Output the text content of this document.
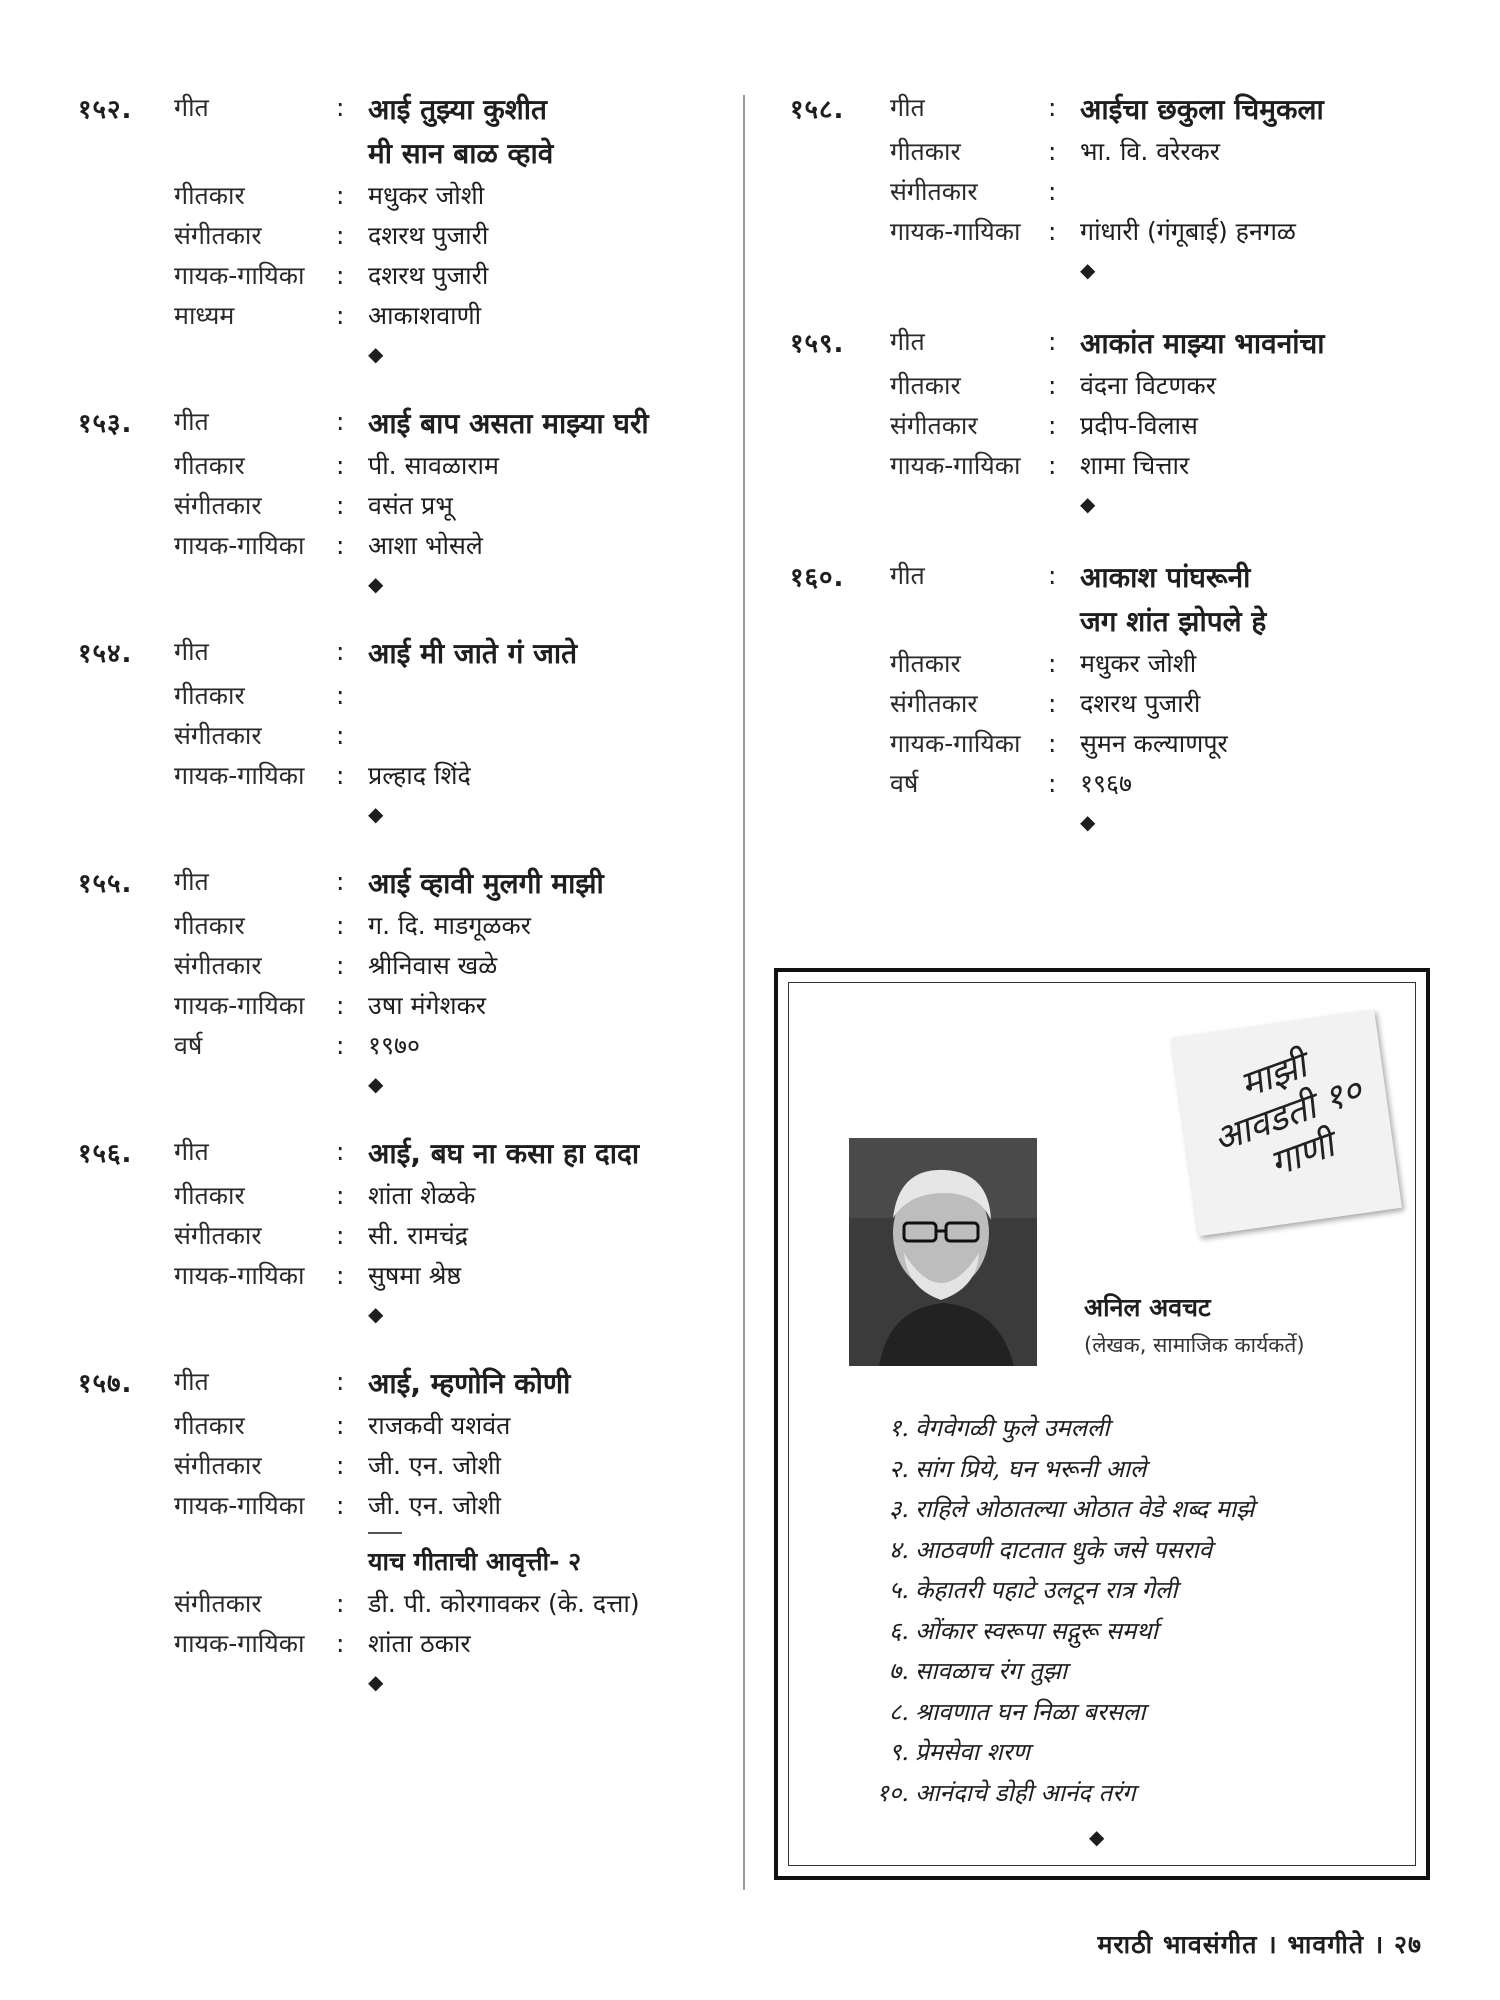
१५२. गीत	: आई तुझ्या कुशीत
मी सान बाळ व्हावे
गीतकार	: मधुकर जोशी
संगीतकार	: दशरथ पुजारी
गायक-गायिका : दशरथ पुजारी
माध्यम	: आकाशवाणी
◆
१५३. गीत	: आई बाप असता माझ्या घरी
गीतकार	: पी. सावळाराम
संगीतकार	: वसंत प्रभू
गायक-गायिका : आशा भोसले
◆
१५४. गीत	: आई मी जाते गं जाते
गीतकार	:
संगीतकार	:
गायक-गायिका : प्रल्हाद शिंदे
◆
१५५. गीत	: आई व्हावी मुलगी माझी
गीतकार	: ग. दि. माडगूळकर
संगीतकार	: श्रीनिवास खळे
गायक-गायिका : उषा मंगेशकर
वर्ष	: १९७०
◆
१५६. गीत	: आई, बघ ना कसा हा दादा
गीतकार	: शांता शेळके
संगीतकार	: सी. रामचंद्र
गायक-गायिका : सुषमा श्रेष्ठ
◆
१५७. गीत	: आई, म्हणोनि कोणी
गीतकार	: राजकवी यशवंत
संगीतकार	: जी. एन. जोशी
गायक-गायिका : जी. एन. जोशी
याच गीताची आवृत्ती- २
संगीतकार	: डी. पी. कोरगावकर (के. दत्ता)
गायक-गायिका : शांता ठकार
◆
१५८. गीत	: आईचा छकुला चिमुकला
गीतकार	: भा. वि. वरेरकर
संगीतकार	:
गायक-गायिका : गांधारी (गंगूबाई) हनगळ
◆
१५९. गीत	: आकांत माझ्या भावनांचा
गीतकार	: वंदना विटणकर
संगीतकार	: प्रदीप-विलास
गायक-गायिका : शामा चित्तार
◆
१६०. गीत	: आकाश पांघरूनी
जग शांत झोपले हे
गीतकार	: मधुकर जोशी
संगीतकार	: दशरथ पुजारी
गायक-गायिका : सुमन कल्याणपूर
वर्ष	: १९६७
◆
माझी आवडती १० गाणी
अनिल अवचट
(लेखक, सामाजिक कार्यकर्ते)
१. वेगवेगळी फुले उमलली
२. सांग प्रिये, घन भरूनी आले
३. राहिले ओठातल्या ओठात वेडे शब्द माझे
४. आठवणी दाटतात धुके जसे पसरावे
५. केहातरी पहाटे उलटून रात्र गेली
६. ओंकार स्वरूपा सद्गुरू समर्था
७. सावळाच रंग तुझा
८. श्रावणात घन निळा बरसला
९. प्रेमसेवा शरण
१०. आनंदाचे डोही आनंद तरंग
◆
मराठी भावसंगीत । भावगीते । २७
